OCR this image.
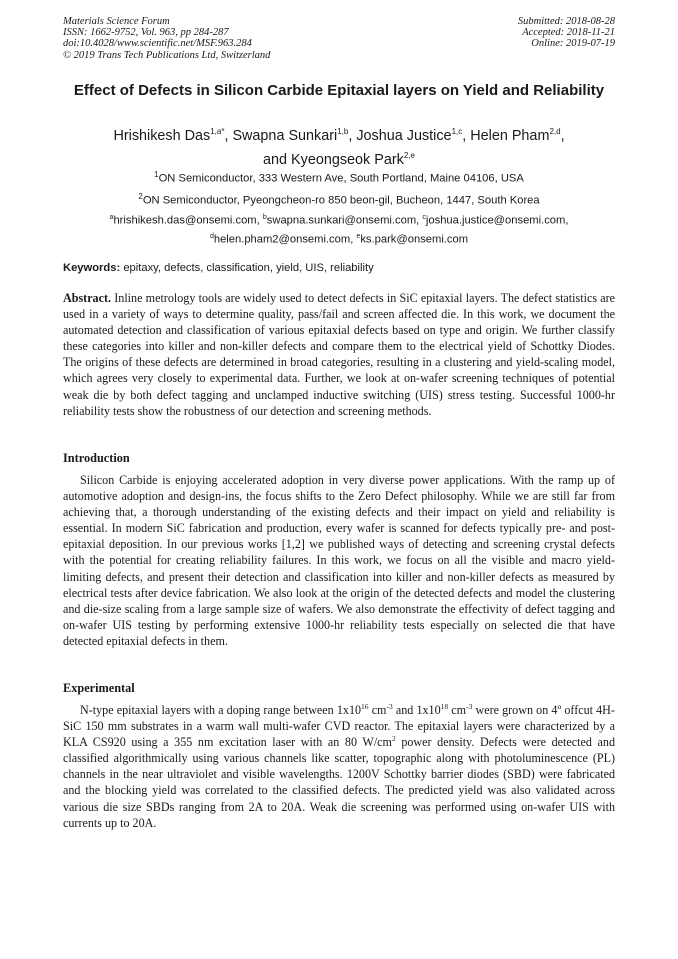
Materials Science Forum
ISSN: 1662-9752, Vol. 963, pp 284-287
doi:10.4028/www.scientific.net/MSF.963.284
© 2019 Trans Tech Publications Ltd, Switzerland
Submitted: 2018-08-28
Accepted: 2018-11-21
Online: 2019-07-19
Effect of Defects in Silicon Carbide Epitaxial layers on Yield and Reliability
Hrishikesh Das$^{1,a*}$, Swapna Sunkari$^{1,b}$, Joshua Justice$^{1,c}$, Helen Pham$^{2,d}$,
and Kyeongseok Park$^{2,e}$
$^1$ON Semiconductor, 333 Western Ave, South Portland, Maine 04106, USA
$^2$ON Semiconductor, Pyeongcheon-ro 850 beon-gil, Bucheon, 1447, South Korea
$^a$hrishikesh.das@onsemi.com, $^b$swapna.sunkari@onsemi.com, $^c$joshua.justice@onsemi.com,
$^d$helen.pham2@onsemi.com, $^e$ks.park@onsemi.com
Keywords: epitaxy, defects, classification, yield, UIS, reliability
Abstract. Inline metrology tools are widely used to detect defects in SiC epitaxial layers. The defect statistics are used in a variety of ways to determine quality, pass/fail and screen affected die. In this work, we document the automated detection and classification of various epitaxial defects based on type and origin. We further classify these categories into killer and non-killer defects and compare them to the electrical yield of Schottky Diodes. The origins of these defects are determined in broad categories, resulting in a clustering and yield-scaling model, which agrees very closely to experimental data. Further, we look at on-wafer screening techniques of potential weak die by both defect tagging and unclamped inductive switching (UIS) stress testing. Successful 1000-hr reliability tests show the robustness of our detection and screening methods.
Introduction
Silicon Carbide is enjoying accelerated adoption in very diverse power applications. With the ramp up of automotive adoption and design-ins, the focus shifts to the Zero Defect philosophy. While we are still far from achieving that, a thorough understanding of the existing defects and their impact on yield and reliability is essential. In modern SiC fabrication and production, every wafer is scanned for defects typically pre- and post-epitaxial deposition. In our previous works [1,2] we published ways of detecting and screening crystal defects with the potential for creating reliability failures. In this work, we focus on all the visible and macro yield-limiting defects, and present their detection and classification into killer and non-killer defects as measured by electrical tests after device fabrication. We also look at the origin of the detected defects and model the clustering and die-size scaling from a large sample size of wafers. We also demonstrate the effectivity of defect tagging and on-wafer UIS testing by performing extensive 1000-hr reliability tests especially on selected die that have detected epitaxial defects in them.
Experimental
N-type epitaxial layers with a doping range between $1x10^{16}$ $cm^{-3}$ and $1x10^{18}$ $cm^{-3}$ were grown on 4º offcut 4H-SiC 150 mm substrates in a warm wall multi-wafer CVD reactor. The epitaxial layers were characterized by a KLA CS920 using a 355 nm excitation laser with an 80 $W/cm^2$ power density. Defects were detected and classified algorithmically using various channels like scatter, topographic along with photoluminescence (PL) channels in the near ultraviolet and visible wavelengths. 1200V Schottky barrier diodes (SBD) were fabricated and the blocking yield was correlated to the classified defects. The predicted yield was also validated across various die size SBDs ranging from 2A to 20A. Weak die screening was performed using on-wafer UIS with currents up to 20A.
